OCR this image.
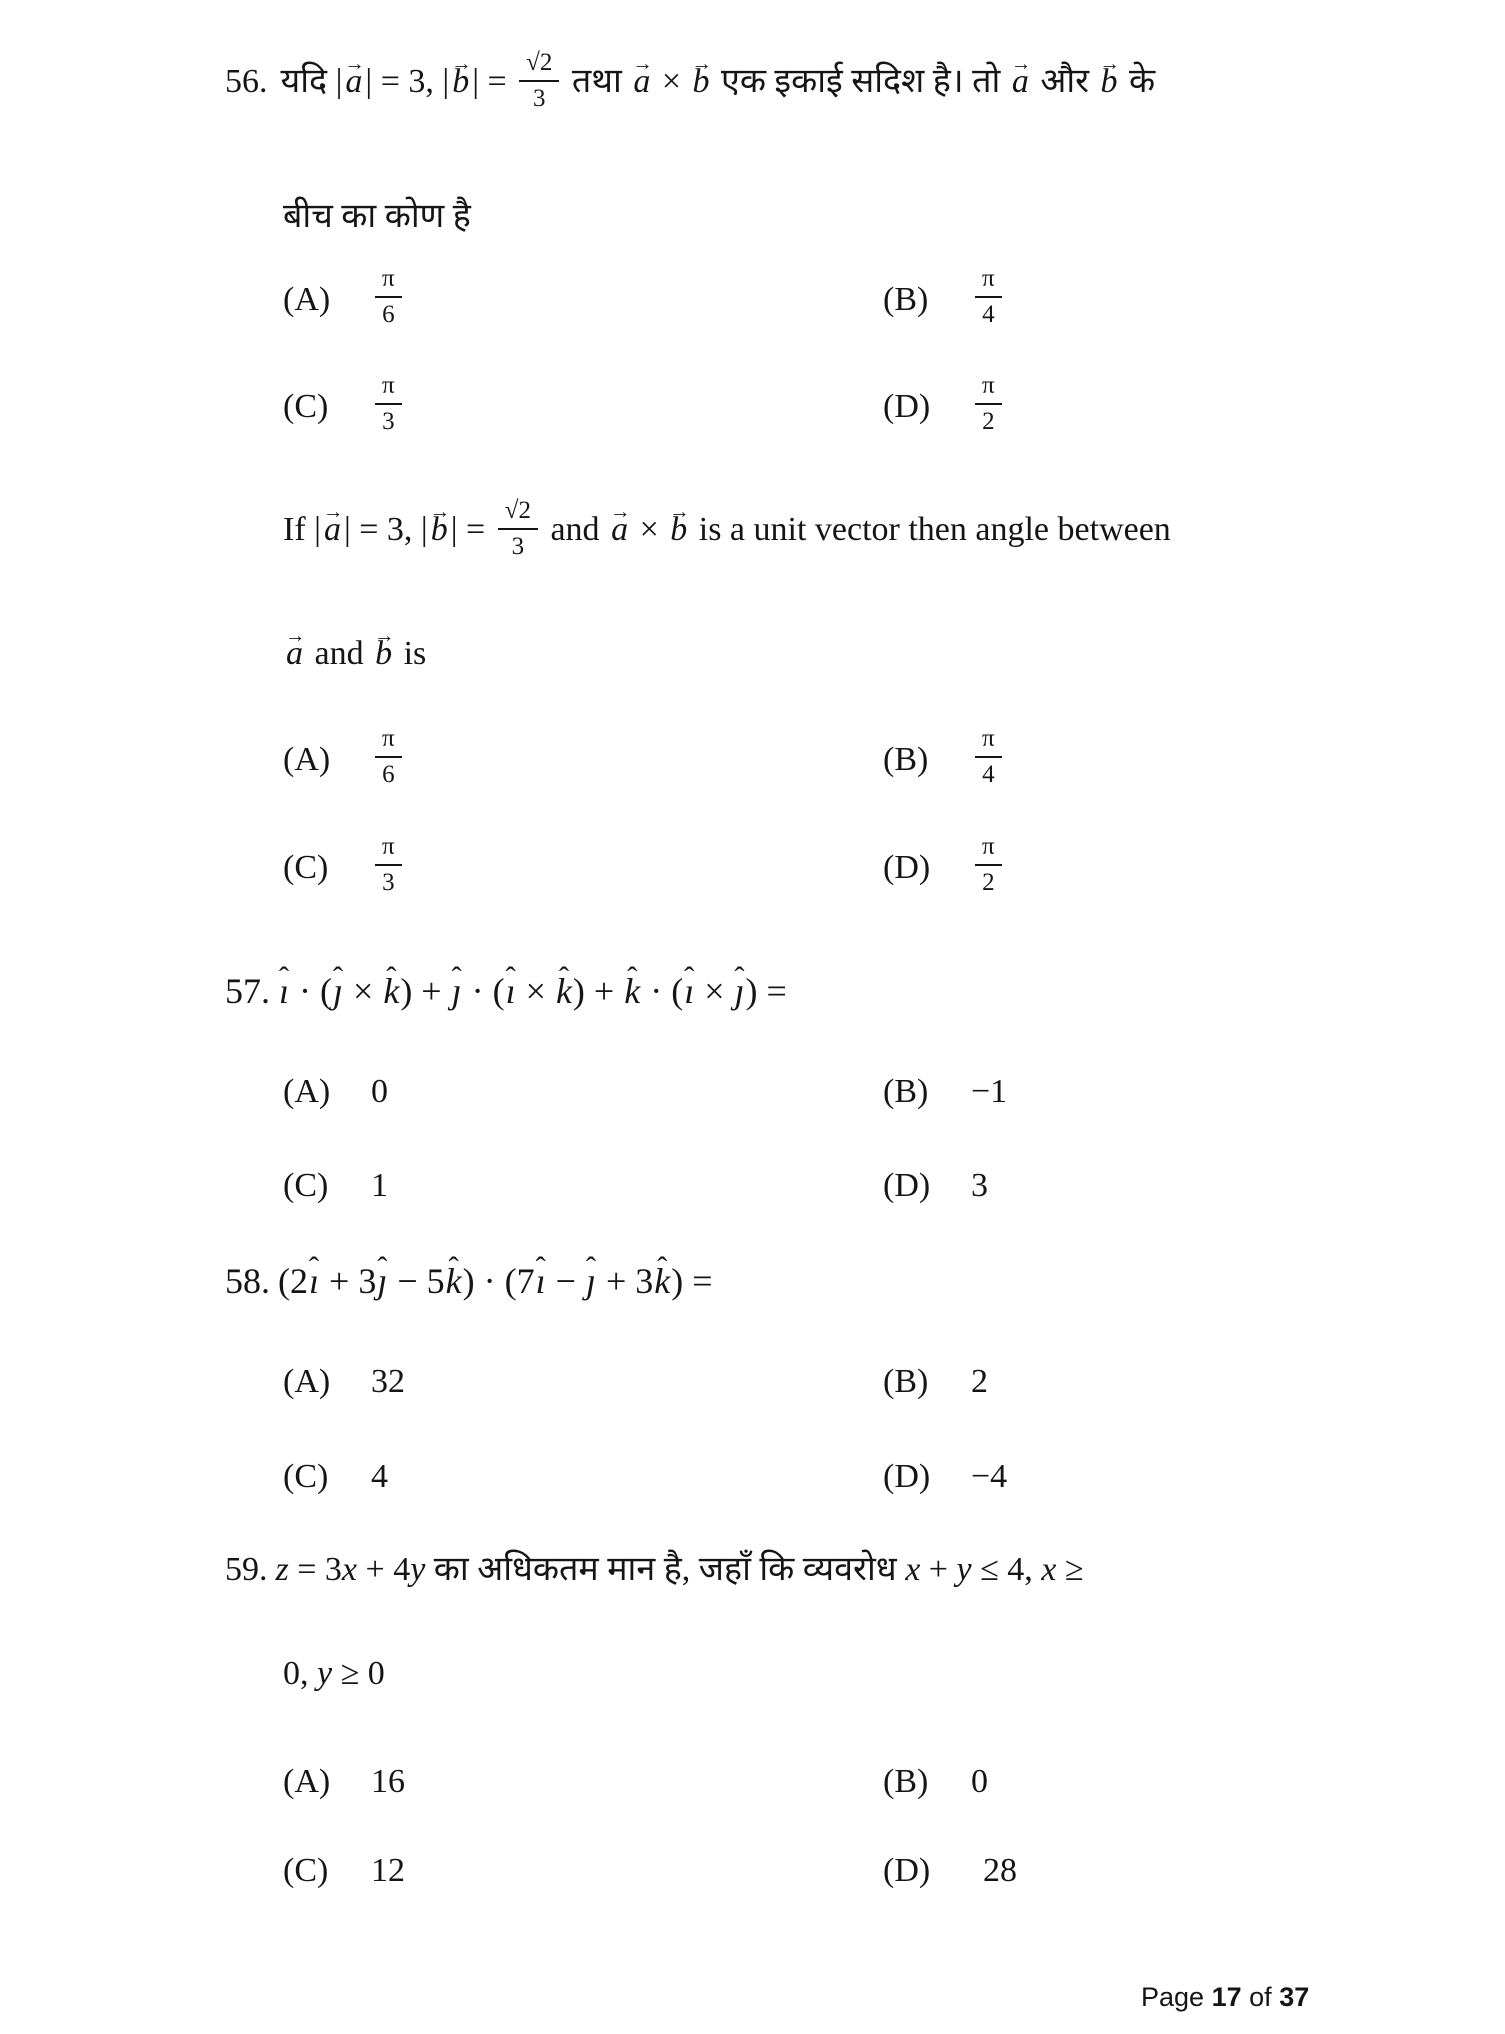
56. यदि |a →| = 3, |b →| = $\frac{√2}{3}$ तथा a → × b → एक इकाई सदिश है। तो a → और b → के
बीच का कोण है
(A)	$\frac{\pi}{6}$	(B)	$\frac{\pi}{4}$
(C)	$\frac{\pi}{3}$	(D)	$\frac{\pi}{2}$
If |a →| = 3, |b →| = $\frac{√2}{3}$ and a → × b → is a unit vector then angle between
a → and b → is
(A)	$\frac{\pi}{6}$	(B)	$\frac{\pi}{4}$
(C)	$\frac{\pi}{3}$	(D)	$\frac{\pi}{2}$
57. ı ˆ · (ȷ ˆ × k ˆ) + ȷ ˆ · (ı ˆ × k ˆ) + k ˆ · (ı ˆ × ȷ ˆ) =
(A)	0	(B)	−1
(C)	1	(D)	3
58. (2ı ˆ + 3ȷ ˆ − 5k ˆ) · (7ı ˆ − ȷ ˆ + 3k ˆ) =
(A)	32	(B)	2
(C)	4	(D)	−4
59. z = 3x + 4y का अधिकतम मान है, जहाँ कि व्यवरोध x + y ≤ 4, x ≥
0, y ≥ 0
(A)	16	(B)	0
(C)	12	(D)	28
Page 17 of 37
